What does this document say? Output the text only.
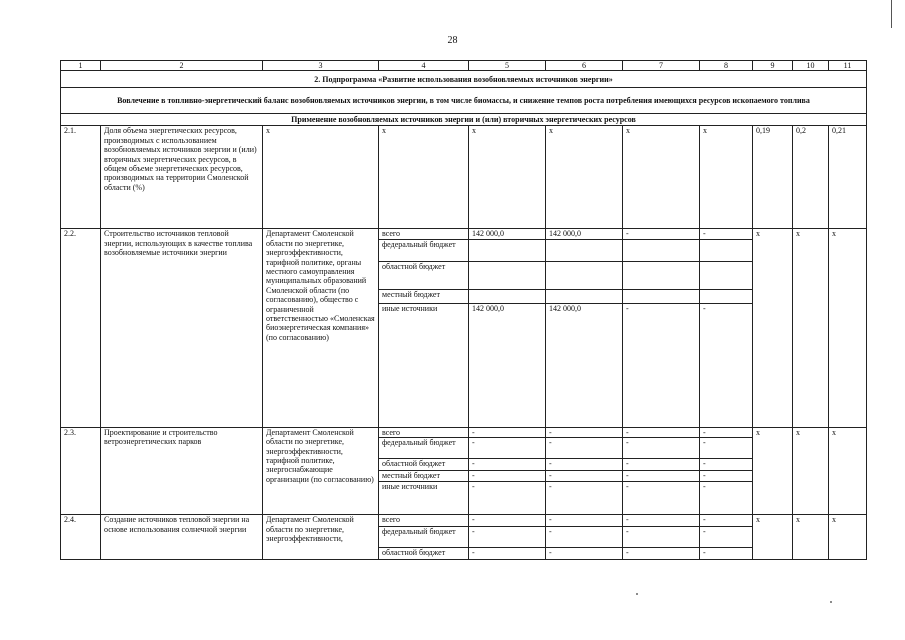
28
1	2	3	4	5	6	7	8	9	10	11
2. Подпрограмма «Развитие использования возобновляемых источников энергии»										
Вовлечение в топливно-энергетический баланс возобновляемых источников энергии, в том числе биомассы, и снижение темпов роста потребления имеющихся ресурсов ископаемого топлива										
Применение возобновляемых источников энергии и (или) вторичных энергетических ресурсов										
2.1.	Доля объема энергетических ресурсов, производимых с использованием возобновляемых источников энергии и (или) вторичных энергетических ресурсов, в общем объеме энергетических ресурсов, производимых на территории Смоленской области (%)	x	x	x	x	x	x	0,19	0,2	0,21
2.2.	Строительство источников тепловой энергии, использующих в качестве топлива возобновляемые источники энергии	Департамент Смоленской области по энергетике, энергоэффективности, тарифной политике, органы местного самоуправления муниципальных образований Смоленской области (по согласованию), общество с ограниченной ответственностью «Смоленская биоэнергетическая компания» (по согласованию)	всего	142 000,0	142 000,0	-	-	x	x	x
			федеральный бюджет							
			областной бюджет							
			местный бюджет							
			иные источники	142 000,0	142 000,0	-	-			
2.3.	Проектирование и строительство ветроэнергетических парков	Департамент Смоленской области по энергетике, энергоэффективности, тарифной политике, энергоснабжающие организации (по согласованию)	всего	-	-	-	-	x	x	x
			федеральный бюджет	-	-	-	-			
			областной бюджет	-	-	-	-			
			местный бюджет	-	-	-	-			
			иные источники	-	-	-	-			
2.4.	Создание источников тепловой энергии на основе использования солнечной энергии	Департамент Смоленской области по энергетике, энергоэффективности,	всего	-	-	-	-	x	x	x
			федеральный бюджет	-	-	-	-			
			областной бюджет	-	-	-	-			
